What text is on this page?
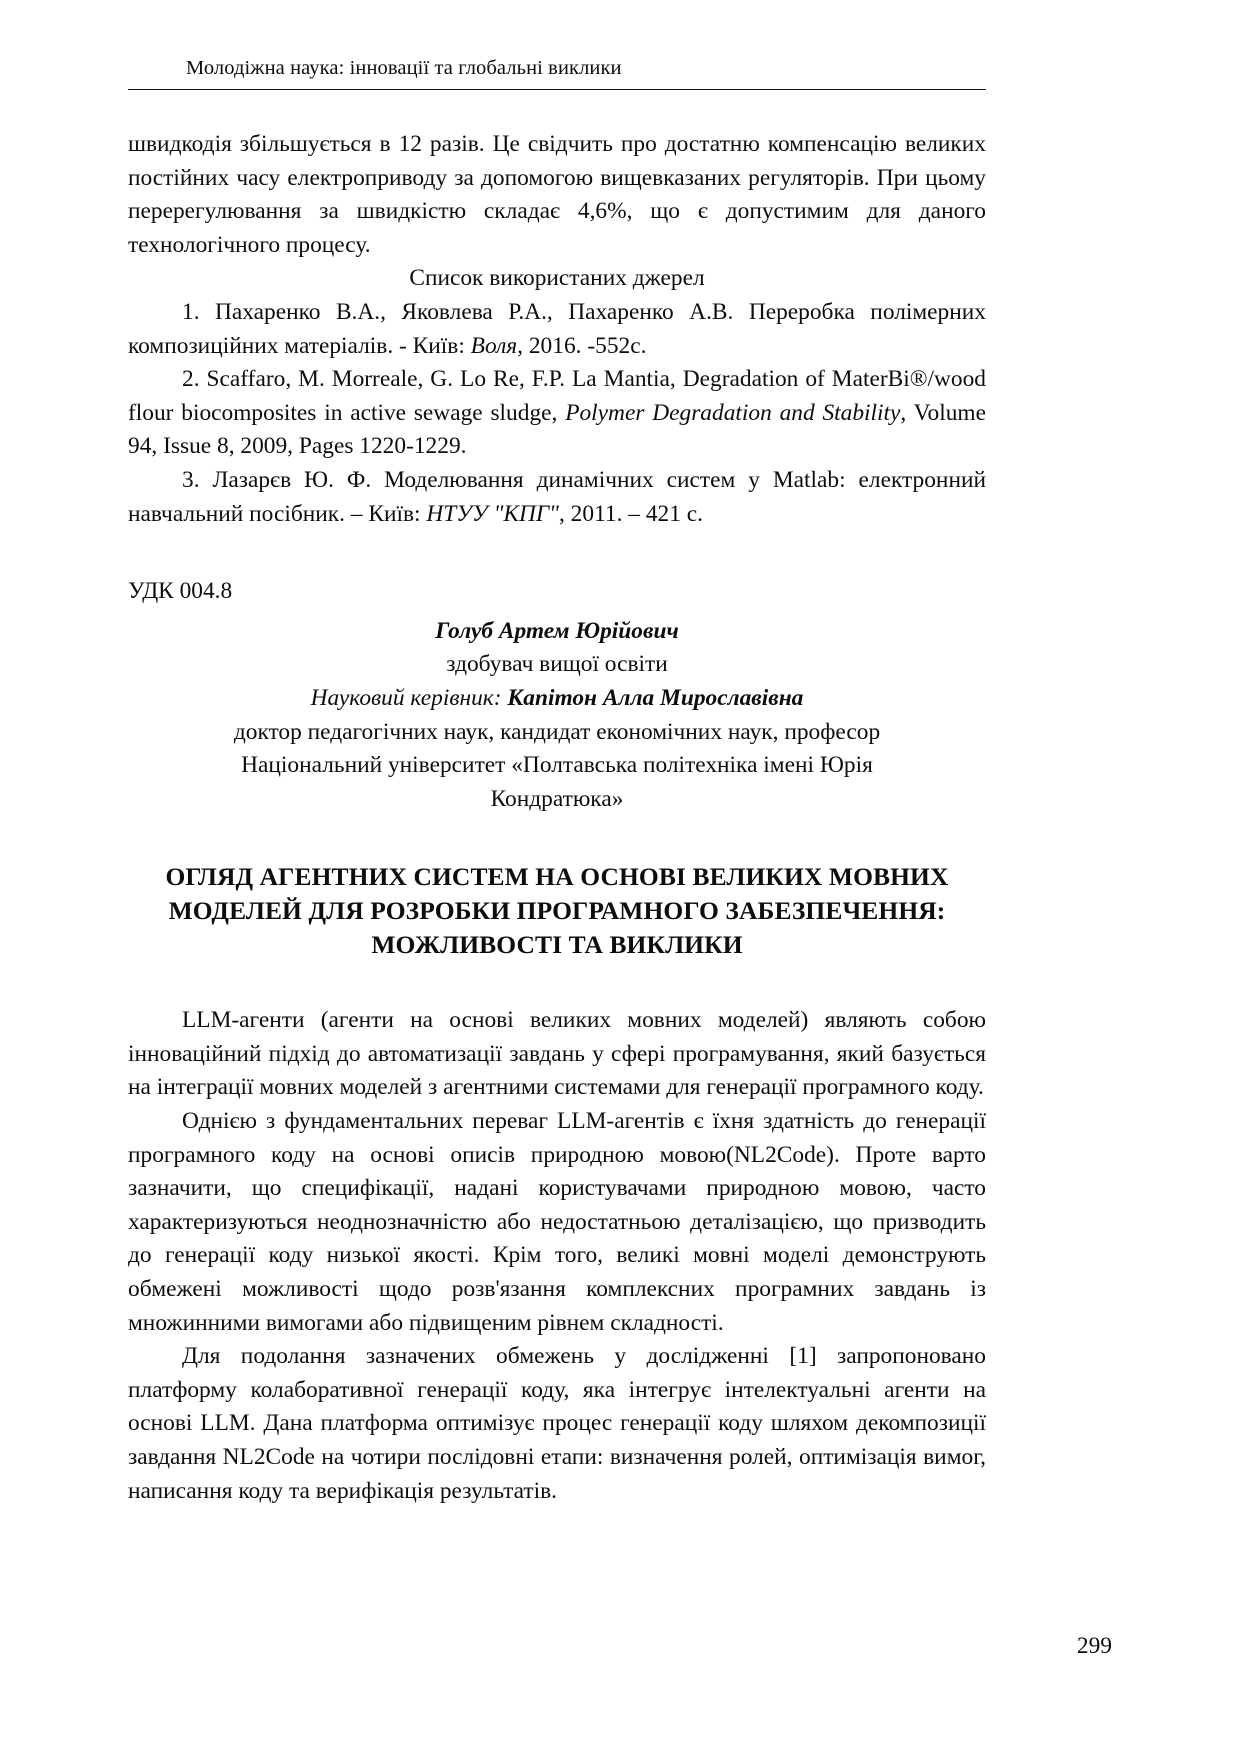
Молодіжна наука: інновації та глобальні виклики

швидкодія збільшується в 12 разів. Це свідчить про достатню компенсацію великих постійних часу електроприводу за допомогою вищевказаних регуляторів. При цьому перерегулювання за швидкістю складає 4,6%, що є допустимим для даного технологічного процесу.

Список використаних джерел

1. Пахаренко В.А., Яковлева Р.А., Пахаренко А.В. Переробка полімерних композиційних матеріалів. - Київ: Воля, 2016. -552с.

2. Scaffaro, M. Morreale, G. Lo Re, F.P. La Mantia, Degradation of MaterBi®/wood flour biocomposites in active sewage sludge, Polymer Degradation and Stability, Volume 94, Issue 8, 2009, Pages 1220-1229.

3. Лазарєв Ю. Ф. Моделювання динамічних систем у Matlab: електронний навчальний посібник. – Київ: НТУУ "КПГ", 2011. – 421 с.

УДК 004.8

Голуб Артем Юрійович

здобувач вищої освіти

Науковий керівник: Капітон Алла Мирославівна

доктор педагогічних наук, кандидат економічних наук, професор

Національний університет «Полтавська політехніка імені Юрія

Кондратюка»

ОГЛЯД АГЕНТНИХ СИСТЕМ НА ОСНОВІ ВЕЛИКИХ МОВНИХ
МОДЕЛЕЙ ДЛЯ РОЗРОБКИ ПРОГРАМНОГО ЗАБЕЗПЕЧЕННЯ:
МОЖЛИВОСТІ ТА ВИКЛИКИ

LLM-агенти (агенти на основі великих мовних моделей) являють собою інноваційний підхід до автоматизації завдань у сфері програмування, який базується на інтеграції мовних моделей з агентними системами для генерації програмного коду.

Однією з фундаментальних переваг LLM-агентів є їхня здатність до генерації програмного коду на основі описів природною мовою(NL2Code). Проте варто зазначити, що специфікації, надані користувачами природною мовою, часто характеризуються неоднозначністю або недостатньою деталізацією, що призводить до генерації коду низької якості. Крім того, великі мовні моделі демонструють обмежені можливості щодо розв'язання комплексних програмних завдань із множинними вимогами або підвищеним рівнем складності.

Для подолання зазначених обмежень у дослідженні [1] запропоновано платформу колаборативної генерації коду, яка інтегрує інтелектуальні агенти на основі LLM. Дана платформа оптимізує процес генерації коду шляхом декомпозиції завдання NL2Code на чотири послідовні етапи: визначення ролей, оптимізація вимог, написання коду та верифікація результатів.

299
